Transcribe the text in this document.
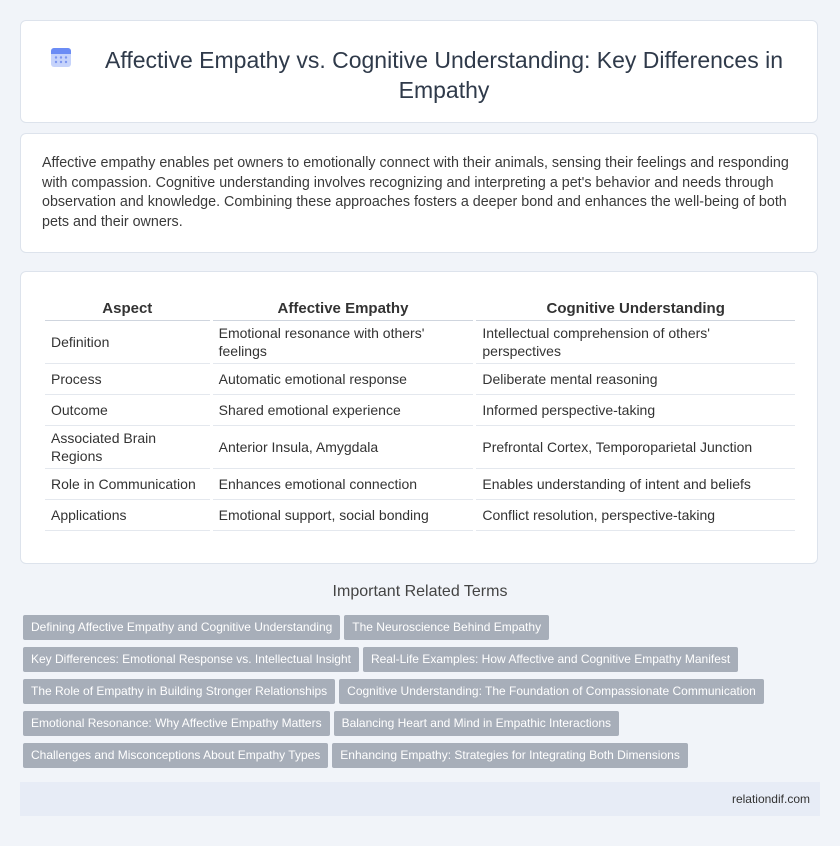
Affective Empathy vs. Cognitive Understanding: Key Differences in Empathy

Affective empathy enables pet owners to emotionally connect with their animals, sensing their feelings and responding with compassion. Cognitive understanding involves recognizing and interpreting a pet's behavior and needs through observation and knowledge. Combining these approaches fosters a deeper bond and enhances the well-being of both pets and their owners.

Aspect	Affective Empathy	Cognitive Understanding
Definition	Emotional resonance with others' feelings	Intellectual comprehension of others' perspectives
Process	Automatic emotional response	Deliberate mental reasoning
Outcome	Shared emotional experience	Informed perspective-taking
Associated Brain Regions	Anterior Insula, Amygdala	Prefrontal Cortex, Temporoparietal Junction
Role in Communication	Enhances emotional connection	Enables understanding of intent and beliefs
Applications	Emotional support, social bonding	Conflict resolution, perspective-taking
Important Related Terms
Defining Affective Empathy and Cognitive Understanding The Neuroscience Behind Empathy
Key Differences: Emotional Response vs. Intellectual Insight Real-Life Examples: How Affective and Cognitive Empathy Manifest
The Role of Empathy in Building Stronger Relationships Cognitive Understanding: The Foundation of Compassionate Communication
Emotional Resonance: Why Affective Empathy Matters Balancing Heart and Mind in Empathic Interactions
Challenges and Misconceptions About Empathy Types Enhancing Empathy: Strategies for Integrating Both Dimensions
relationdif.com
